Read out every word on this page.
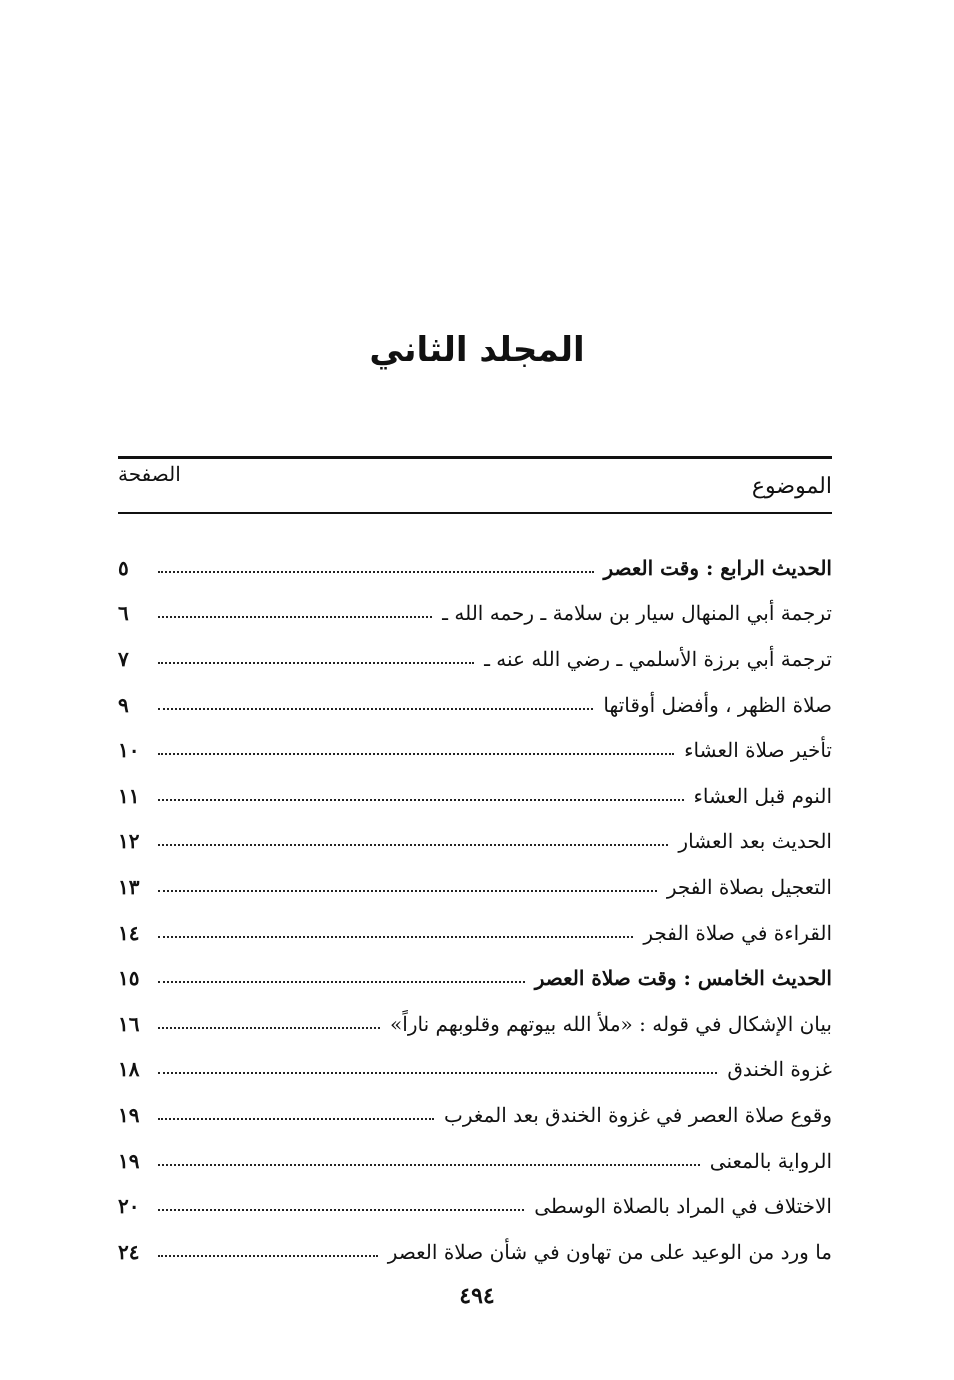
المجلد الثاني
الموضوع
الصفحة
الحديث الرابع : وقت العصر
٥
ترجمة أبي المنهال سيار بن سلامة ـ رحمه الله ـ
٦
ترجمة أبي برزة الأسلمي ـ رضي الله عنه ـ
٧
صلاة الظهر ، وأفضل أوقاتها
٩
تأخير صلاة العشاء
١٠
النوم قبل العشاء
١١
الحديث بعد العشار
١٢
التعجيل بصلاة الفجر
١٣
القراءة في صلاة الفجر
١٤
الحديث الخامس : وقت صلاة العصر
١٥
بيان الإشكال في قوله : «ملأ الله بيوتهم وقلوبهم ناراً»
١٦
غزوة الخندق
١٨
وقوع صلاة العصر في غزوة الخندق بعد المغرب
١٩
الرواية بالمعنى
١٩
الاختلاف في المراد بالصلاة الوسطى
٢٠
ما ورد من الوعيد على من تهاون في شأن صلاة العصر
٢٤
٤٩٤
